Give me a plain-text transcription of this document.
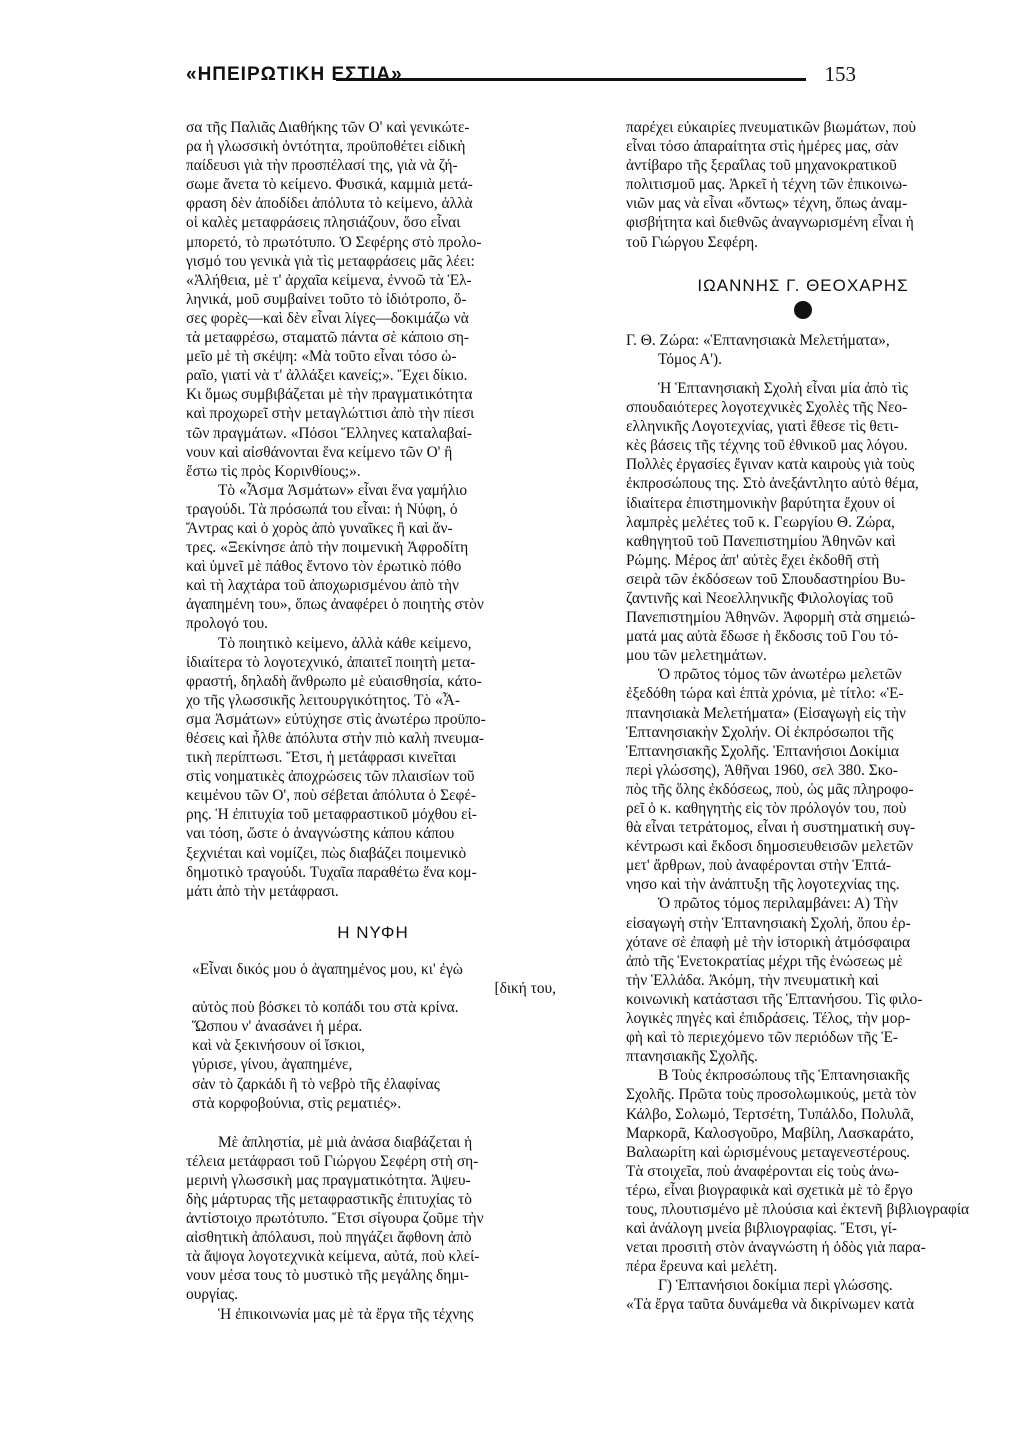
«ΗΠΕΙΡΩΤΙΚΗ ΕΣΤΙΑ»	153
σα τῆς Παλιᾶς Διαθήκης τῶν Ο' καὶ γενικώτε-
ρα ἡ γλωσσικὴ ὀντότητα, προϋποθέτει εἰδικὴ
παίδευσι γιὰ τὴν προσπέλασί της, γιὰ νὰ ζή-
σωμε ἄνετα τὸ κείμενο. Φυσικά, καμμιὰ μετά-
φραση δὲν ἀποδίδει ἀπόλυτα τὸ κείμενο, ἀλλὰ
οἱ καλὲς μεταφράσεις πλησιάζουν, ὅσο εἶναι
μπορετό, τὸ πρωτότυπο. Ὁ Σεφέρης στὸ προλο-
γισμό του γενικὰ γιὰ τὶς μεταφράσεις μᾶς λέει:
«Ἀλήθεια, μὲ τ' ἀρχαῖα κείμενα, ἐννοῶ τὰ Ἑλ-
ληνικά, μοῦ συμβαίνει τοῦτο τὸ ἰδιότροπο, ὅ-
σες φορὲς—καὶ δὲν εἶναι λίγες—δοκιμάζω νὰ
τὰ μεταφρέσω, σταματῶ πάντα σὲ κάποιο ση-
μεῖο μὲ τὴ σκέψη: «Μὰ τοῦτο εἶναι τόσο ὡ-
ραῖο, γιατί νὰ τ' ἀλλάξει κανείς;». Ἔχει δίκιο.
Κι ὅμως συμβιβάζεται μὲ τὴν πραγματικότητα
καὶ προχωρεῖ στὴν μεταγλώττισι ἀπὸ τὴν πίεσι
τῶν πραγμάτων. «Πόσοι Ἕλληνες καταλαβαί-
νουν καὶ αἰσθάνονται ἕνα κείμενο τῶν Ο' ἢ
ἔστω τὶς πρὸς Κορινθίους;».
Τὸ «Ἆσμα Ἀσμάτων» εἶναι ἕνα γαμήλιο
τραγούδι. Τὰ πρόσωπά του εἶναι: ἡ Νύφη, ὁ
Ἄντρας καὶ ὁ χορὸς ἀπὸ γυναῖκες ἢ καὶ ἄν-
τρες. «Ξεκίνησε ἀπὸ τὴν ποιμενικὴ Ἀφροδίτη
καὶ ὑμνεῖ μὲ πάθος ἔντονο τὸν ἐρωτικὸ πόθο
καὶ τὴ λαχτάρα τοῦ ἀποχωρισμένου ἀπὸ τὴν
ἀγαπημένη του», ὅπως ἀναφέρει ὁ ποιητὴς στὸν
προλογό του.
Τὸ ποιητικὸ κείμενο, ἀλλὰ κάθε κείμενο,
ἰδιαίτερα τὸ λογοτεχνικό, ἀπαιτεῖ ποιητὴ μετα-
φραστή, δηλαδὴ ἄνθρωπο μὲ εὐαισθησία, κάτο-
χο τῆς γλωσσικῆς λειτουργικότητος. Τὸ «Ἆ-
σμα Ἀσμάτων» εὐτύχησε στὶς ἀνωτέρω προϋπο-
θέσεις καὶ ἦλθε ἀπόλυτα στὴν πιὸ καλὴ πνευμα-
τικὴ περίπτωσι. Ἔτσι, ἡ μετάφρασι κινεῖται
στὶς νοηματικὲς ἀποχρώσεις τῶν πλαισίων τοῦ
κειμένου τῶν Ο', ποὺ σέβεται ἀπόλυτα ὁ Σεφέ-
ρης. Ἡ ἐπιτυχία τοῦ μεταφραστικοῦ μόχθου εἰ-
ναι τόση, ὥστε ὁ ἀναγνώστης κάπου κάπου
ξεχνιέται καὶ νομίζει, πὼς διαβάζει ποιμενικὸ
δημοτικὸ τραγούδι. Τυχαῖα παραθέτω ἕνα κομ-
μάτι ἀπὸ τὴν μετάφρασι.
Η ΝΥΦΗ
«Εἶναι δικός μου ὁ ἀγαπημένος μου, κι' ἐγὼ
[δική του,
αὐτὸς ποὺ βόσκει τὸ κοπάδι του στὰ κρίνα.
Ὥσπου ν' ἀνασάνει ἡ μέρα.
καὶ νὰ ξεκινήσουν οἱ ἴσκιοι,
γύρισε, γίνου, ἀγαπημένε,
σὰν τὸ ζαρκάδι ἢ τὸ νεβρὸ τῆς ἐλαφίνας
στὰ κορφοβούνια, στὶς ρεματιές».
Μὲ ἀπληστία, μὲ μιὰ ἀνάσα διαβάζεται ἡ
τέλεια μετάφρασι τοῦ Γιώργου Σεφέρη στὴ ση-
μερινὴ γλωσσικὴ μας πραγματικότητα. Ἀψευ-
δὴς μάρτυρας τῆς μεταφραστικῆς ἐπιτυχίας τὸ
ἀντίστοιχο πρωτότυπο. Ἔτσι σίγουρα ζοῦμε τὴν
αἰσθητικὴ ἀπόλαυσι, ποὺ πηγάζει ἄφθονη ἀπὸ
τὰ ἄψογα λογοτεχνικὰ κείμενα, αὐτά, ποὺ κλεί-
νουν μέσα τους τὸ μυστικὸ τῆς μεγάλης δημι-
ουργίας.
Ἡ ἐπικοινωνία μας μὲ τὰ ἔργα τῆς τέχνης
παρέχει εὐκαιρίες πνευματικῶν βιωμάτων, ποὺ
εἶναι τόσο ἀπαραίτητα στὶς ἡμέρες μας, σὰν
ἀντίβαρο τῆς ξεραΐλας τοῦ μηχανοκρατικοῦ
πολιτισμοῦ μας. Ἀρκεῖ ἡ τέχνη τῶν ἐπικοινω-
νιῶν μας νὰ εἶναι «ὄντως» τέχνη, ὅπως ἀναμ-
φισβήτητα καὶ διεθνῶς ἀναγνωρισμένη εἶναι ἡ
τοῦ Γιώργου Σεφέρη.
ΙΩΑΝΝΗΣ Γ. ΘΕΟΧΑΡΗΣ
Γ. Θ. Ζώρα: «Ἑπτανησιακὰ Μελετήματα»,
Τόμος Α').
Ἡ Ἑπτανησιακὴ Σχολὴ εἶναι μία ἀπὸ τὶς
σπουδαιότερες λογοτεχνικὲς Σχολὲς τῆς Νεο-
ελληνικῆς Λογοτεχνίας, γιατὶ ἔθεσε τὶς θετι-
κὲς βάσεις τῆς τέχνης τοῦ ἐθνικοῦ μας λόγου.
Πολλὲς ἐργασίες ἔγιναν κατὰ καιροὺς γιὰ τοὺς
ἐκπροσώπους της. Στὸ ἀνεξάντλητο αὐτὸ θέμα,
ἰδιαίτερα ἐπιστημονικὴν βαρύτητα ἔχουν οἱ
λαμπρὲς μελέτες τοῦ κ. Γεωργίου Θ. Ζώρα,
καθηγητοῦ τοῦ Πανεπιστημίου Ἀθηνῶν καὶ
Ρώμης. Μέρος ἀπ' αὐτὲς ἔχει ἐκδοθῆ στὴ
σειρὰ τῶν ἐκδόσεων τοῦ Σπουδαστηρίου Βυ-
ζαντινῆς καὶ Νεοελληνικῆς Φιλολογίας τοῦ
Πανεπιστημίου Ἀθηνῶν. Ἀφορμὴ στὰ σημειώ-
ματά μας αὐτὰ ἔδωσε ἡ ἔκδοσις τοῦ Γου τό-
μου τῶν μελετημάτων.
Ὁ πρῶτος τόμος τῶν ἀνωτέρω μελετῶν
ἐξεδόθη τώρα καὶ ἑπτὰ χρόνια, μὲ τίτλο: «Ἑ-
πτανησιακὰ Μελετήματα» (Εἰσαγωγὴ εἰς τὴν
Ἑπτανησιακὴν Σχολήν. Οἱ ἐκπρόσωποι τῆς
Ἑπτανησιακῆς Σχολῆς. Ἑπτανήσιοι Δοκίμια
περὶ γλώσσης), Ἀθῆναι 1960, σελ 380. Σκο-
πὸς τῆς ὅλης ἐκδόσεως, ποὺ, ὡς μᾶς πληροφο-
ρεῖ ὁ κ. καθηγητὴς εἰς τὸν πρόλογόν του, ποὺ
θὰ εἶναι τετράτομος, εἶναι ἡ συστηματικὴ συγ-
κέντρωσι καὶ ἔκδοσι δημοσιευθεισῶν μελετῶν
μετ' ἄρθρων, ποὺ ἀναφέρονται στὴν Ἑπτά-
νησο καὶ τὴν ἀνάπτυξη τῆς λογοτεχνίας της.
Ὁ πρῶτος τόμος περιλαμβάνει: Α) Τὴν
εἰσαγωγὴ στὴν Ἑπτανησιακὴ Σχολή, ὅπου ἐρ-
χότανε σὲ ἐπαφὴ μὲ τὴν ἱστορικὴ ἀτμόσφαιρα
ἀπὸ τῆς Ἑνετοκρατίας μέχρι τῆς ἑνώσεως μὲ
τὴν Ἑλλάδα. Ἀκόμη, τὴν πνευματικὴ καὶ
κοινωνικὴ κατάστασι τῆς Ἑπτανήσου. Τὶς φιλο-
λογικὲς πηγὲς καὶ ἐπιδράσεις. Τέλος, τὴν μορ-
φὴ καὶ τὸ περιεχόμενο τῶν περιόδων τῆς Ἑ-
πτανησιακῆς Σχολῆς.
Β Τοὺς ἐκπροσώπους τῆς Ἑπτανησιακῆς
Σχολῆς. Πρῶτα τοὺς προσολωμικούς, μετὰ τὸν
Κάλβο, Σολωμό, Τερτσέτη, Τυπάλδο, Πολυλᾶ,
Μαρκορᾶ, Καλοσγοῦρο, Μαβίλη, Λασκαράτο,
Βαλαωρίτη καὶ ὡρισμένους μεταγενεστέρους.
Τὰ στοιχεῖα, ποὺ ἀναφέρονται εἰς τοὺς ἀνω-
τέρω, εἶναι βιογραφικὰ καὶ σχετικὰ μὲ τὸ ἔργο
τους, πλουτισμένο μὲ πλούσια καὶ ἐκτενῆ βιβλιογραφία
καὶ ἀνάλογη μνεία βιβλιογραφίας. Ἔτσι, γί-
νεται προσιτὴ στὸν ἀναγνώστη ἡ ὁδὸς γιὰ παρα-
πέρα ἔρευνα καὶ μελέτη.
Γ) Ἑπτανήσιοι δοκίμια περὶ γλώσσης.
«Τὰ ἔργα ταῦτα δυνάμεθα νὰ δικρίνωμεν κατὰ
